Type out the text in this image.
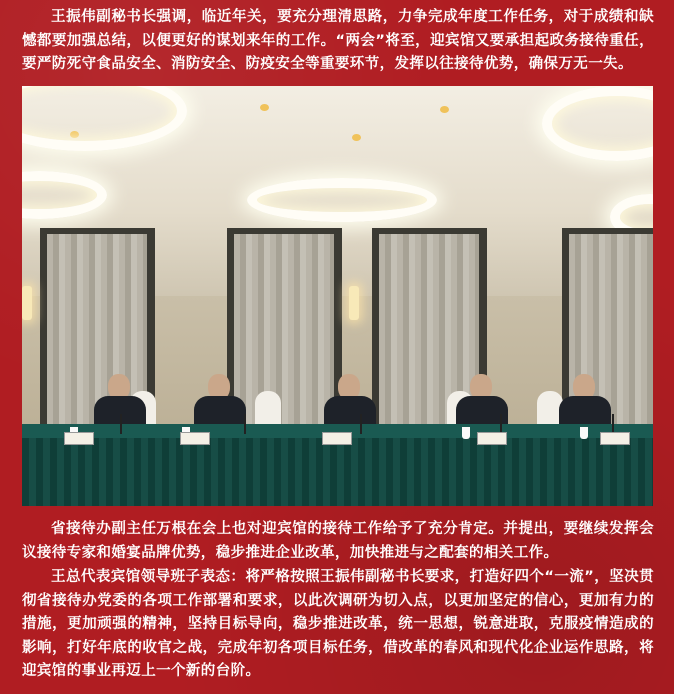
王振伟副秘书长强调，临近年关，要充分理清思路，力争完成年度工作任务，对于成绩和缺憾都要加强总结，以便更好的谋划来年的工作。“两会”将至，迎宾馆又要承担起政务接待重任，要严防死守食品安全、消防安全、防疫安全等重要环节，发挥以往接待优势，确保万无一失。

省接待办副主任万根在会上也对迎宾馆的接待工作给予了充分肯定。并提出，要继续发挥会议接待专家和婚宴品牌优势，稳步推进企业改革，加快推进与之配套的相关工作。

王总代表宾馆领导班子表态：将严格按照王振伟副秘书长要求，打造好四个“一流”，坚决贯彻省接待办党委的各项工作部署和要求，以此次调研为切入点，以更加坚定的信心，更加有力的措施，更加顽强的精神，坚持目标导向，稳步推进改革，统一思想，锐意进取，克服疫情造成的影响，打好年底的收官之战，完成年初各项目标任务，借改革的春风和现代化企业运作思路，将迎宾馆的事业再迈上一个新的台阶。
